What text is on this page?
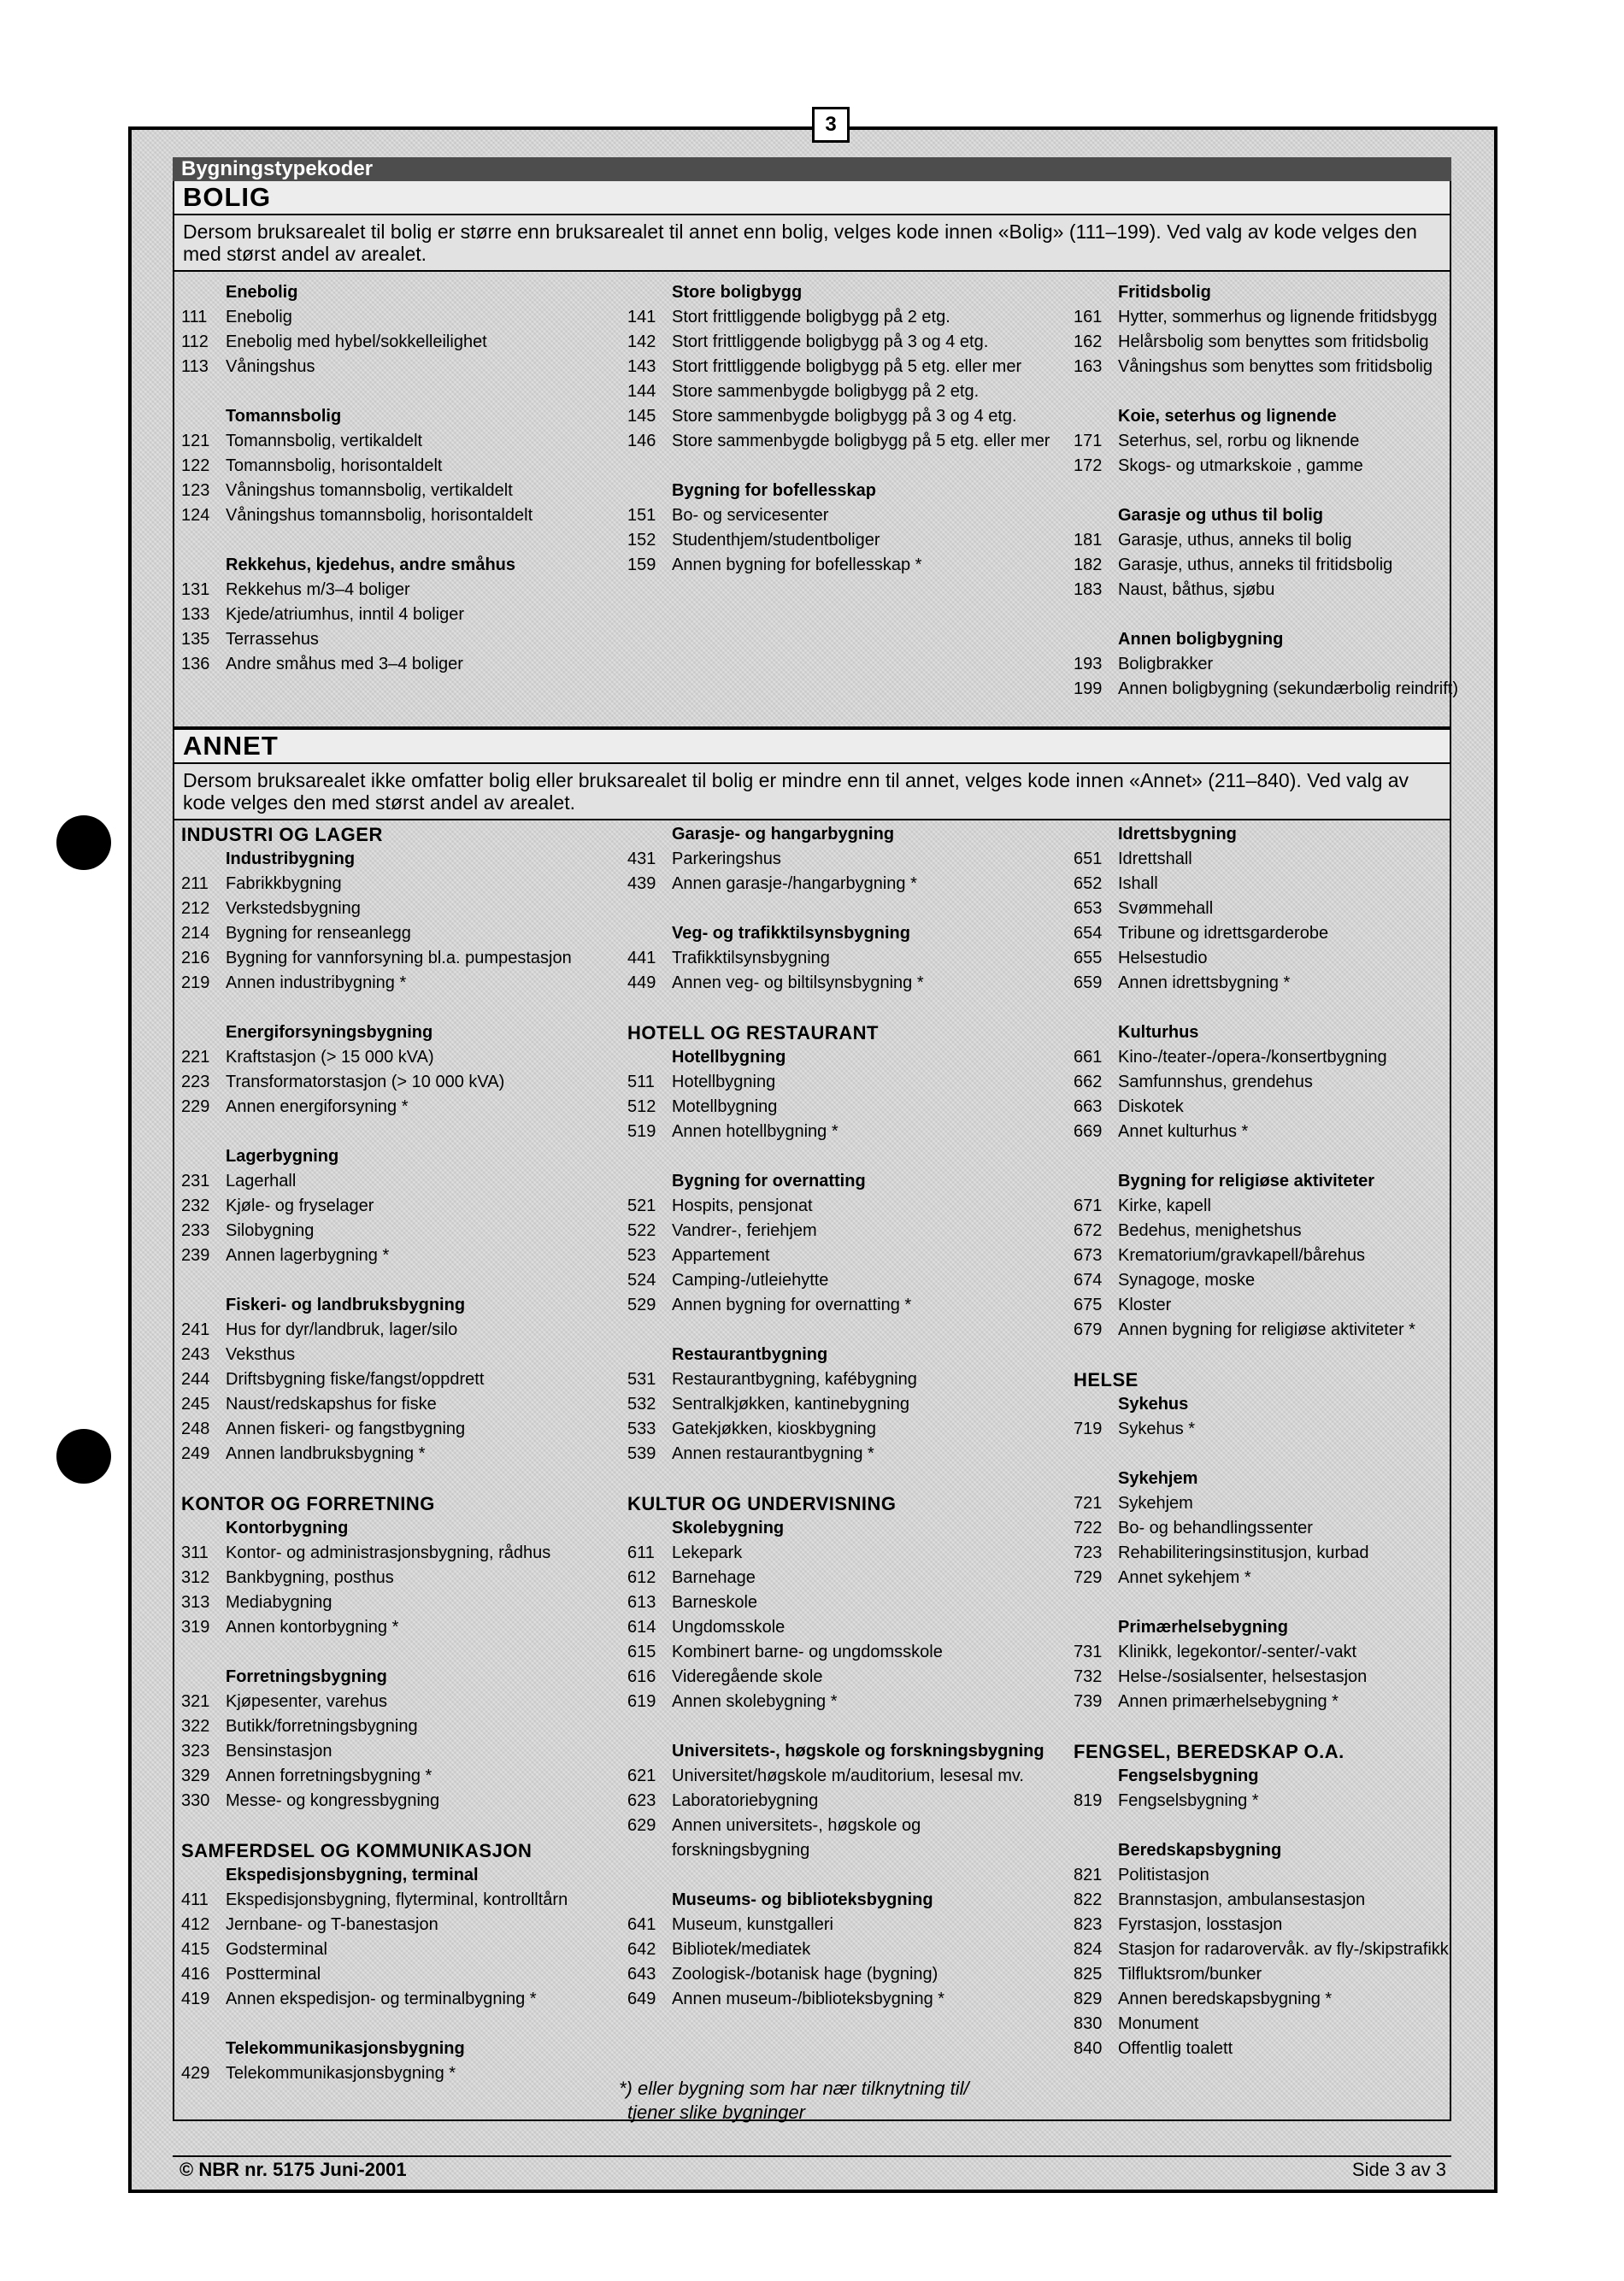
Bygningstypekoder
BOLIG
Dersom bruksarealet til bolig er større enn bruksarealet til annet enn bolig, velges kode innen «Bolig» (111–199). Ved valg av kode velges den med størst andel av arealet.
Enebolig
111 Enebolig
112 Enebolig med hybel/sokkelleilighet
113 Våningshus
Tomannsbolig
121 Tomannsbolig, vertikaldelt
122 Tomannsbolig, horisontaldelt
123 Våningshus tomannsbolig, vertikaldelt
124 Våningshus tomannsbolig, horisontaldelt
Rekkehus, kjedehus, andre småhus
131 Rekkehus m/3–4 boliger
133 Kjede/atriumhus, inntil 4 boliger
135 Terrassehus
136 Andre småhus med 3–4 boliger
Store boligbygg
141 Stort frittliggende boligbygg på 2 etg.
142 Stort frittliggende boligbygg på 3 og 4 etg.
143 Stort frittliggende boligbygg på 5 etg. eller mer
144 Store sammenbygde boligbygg på 2 etg.
145 Store sammenbygde boligbygg på 3 og 4 etg.
146 Store sammenbygde boligbygg på 5 etg. eller mer
Bygning for bofellesskap
151 Bo- og servicesenter
152 Studenthjem/studentboliger
159 Annen bygning for bofellesskap *
Fritidsbolig
161 Hytter, sommerhus og lignende fritidsbygg
162 Helårsbolig som benyttes som fritidsbolig
163 Våningshus som benyttes som fritidsbolig
Koie, seterhus og lignende
171 Seterhus, sel, rorbu og liknende
172 Skogs- og utmarkskoie , gamme
Garasje og uthus til bolig
181 Garasje, uthus, anneks til bolig
182 Garasje, uthus, anneks til fritidsbolig
183 Naust, båthus, sjøbu
Annen boligbygning
193 Boligbrakker
199 Annen boligbygning (sekundærbolig reindrift)
ANNET
Dersom bruksarealet ikke omfatter bolig eller bruksarealet til bolig er mindre enn til annet, velges kode innen «Annet» (211–840). Ved valg av kode velges den med størst andel av arealet.
INDUSTRI OG LAGER
Industribygning
211 Fabrikkbygning
212 Verkstedsbygning
214 Bygning for renseanlegg
216 Bygning for vannforsyning bl.a. pumpestasjon
219 Annen industribygning *
Energiforsyningsbygning
221 Kraftstasjon (> 15 000 kVA)
223 Transformatorstasjon (> 10 000 kVA)
229 Annen energiforsyning *
Lagerbygning
231 Lagerhall
232 Kjøle- og fryselager
233 Silobygning
239 Annen lagerbygning *
Fiskeri- og landbruksbygning
241 Hus for dyr/landbruk, lager/silo
243 Veksthus
244 Driftsbygning fiske/fangst/oppdrett
245 Naust/redskapshus for fiske
248 Annen fiskeri- og fangstbygning
249 Annen landbruksbygning *
KONTOR OG FORRETNING
Kontorbygning
311 Kontor- og administrasjonsbygning, rådhus
312 Bankbygning, posthus
313 Mediabygning
319 Annen kontorbygning *
Forretningsbygning
321 Kjøpesenter, varehus
322 Butikk/forretningsbygning
323 Bensinstasjon
329 Annen forretningsbygning *
330 Messe- og kongressbygning
SAMFERDSEL OG KOMMUNIKASJON
Ekspedisjonsbygning, terminal
411 Ekspedisjonsbygning, flyterminal, kontrolltårn
412 Jernbane- og T-banestasjon
415 Godsterminal
416 Postterminal
419 Annen ekspedisjon- og terminalbygning *
Telekommunikasjonsbygning
429 Telekommunikasjonsbygning *
Garasje- og hangarbygning
431 Parkeringshus
439 Annen garasje-/hangarbygning *
Veg- og trafikktilsynsbygning
441 Trafikktilsynsbygning
449 Annen veg- og biltilsynsbygning *
HOTELL OG RESTAURANT
Hotellbygning
511 Hotellbygning
512 Motellbygning
519 Annen hotellbygning *
Bygning for overnatting
521 Hospits, pensjonat
522 Vandrer-, feriehjem
523 Appartement
524 Camping-/utleiehytte
529 Annen bygning for overnatting *
Restaurantbygning
531 Restaurantbygning, kafébygning
532 Sentralkjøkken, kantinebygning
533 Gatekjøkken, kioskbygning
539 Annen restaurantbygning *
KULTUR OG UNDERVISNING
Skolebygning
611 Lekepark
612 Barnehage
613 Barneskole
614 Ungdomsskole
615 Kombinert barne- og ungdomsskole
616 Videregående skole
619 Annen skolebygning *
Universitets-, høgskole og forskningsbygning
621 Universitet/høgskole m/auditorium, lesesal mv.
623 Laboratoriebygning
629 Annen universitets-, høgskole og
forskningsbygning
Museums- og biblioteksbygning
641 Museum, kunstgalleri
642 Bibliotek/mediatek
643 Zoologisk-/botanisk hage (bygning)
649 Annen museum-/biblioteksbygning *
Idrettsbygning
651 Idrettshall
652 Ishall
653 Svømmehall
654 Tribune og idrettsgarderobe
655 Helsestudio
659 Annen idrettsbygning *
Kulturhus
661 Kino-/teater-/opera-/konsertbygning
662 Samfunnshus, grendehus
663 Diskotek
669 Annet kulturhus *
Bygning for religiøse aktiviteter
671 Kirke, kapell
672 Bedehus, menighetshus
673 Krematorium/gravkapell/bårehus
674 Synagoge, moske
675 Kloster
679 Annen bygning for religiøse aktiviteter *
HELSE
Sykehus
719 Sykehus *
Sykehjem
721 Sykehjem
722 Bo- og behandlingssenter
723 Rehabiliteringsinstitusjon, kurbad
729 Annet sykehjem *
Primærhelsebygning
731 Klinikk, legekontor/-senter/-vakt
732 Helse-/sosialsenter, helsestasjon
739 Annen primærhelsebygning *
FENGSEL, BEREDSKAP O.A.
Fengselsbygning
819 Fengselsbygning *
Beredskapsbygning
821 Politistasjon
822 Brannstasjon, ambulansestasjon
823 Fyrstasjon, losstasjon
824 Stasjon for radarovervåk. av fly-/skipstrafikk
825 Tilfluktsrom/bunker
829 Annen beredskapsbygning *
830 Monument
840 Offentlig toalett
*) eller bygning som har nær tilknytning til/
tjener slike bygninger
© NBR nr. 5175 Juni-2001	Side 3 av 3
3
